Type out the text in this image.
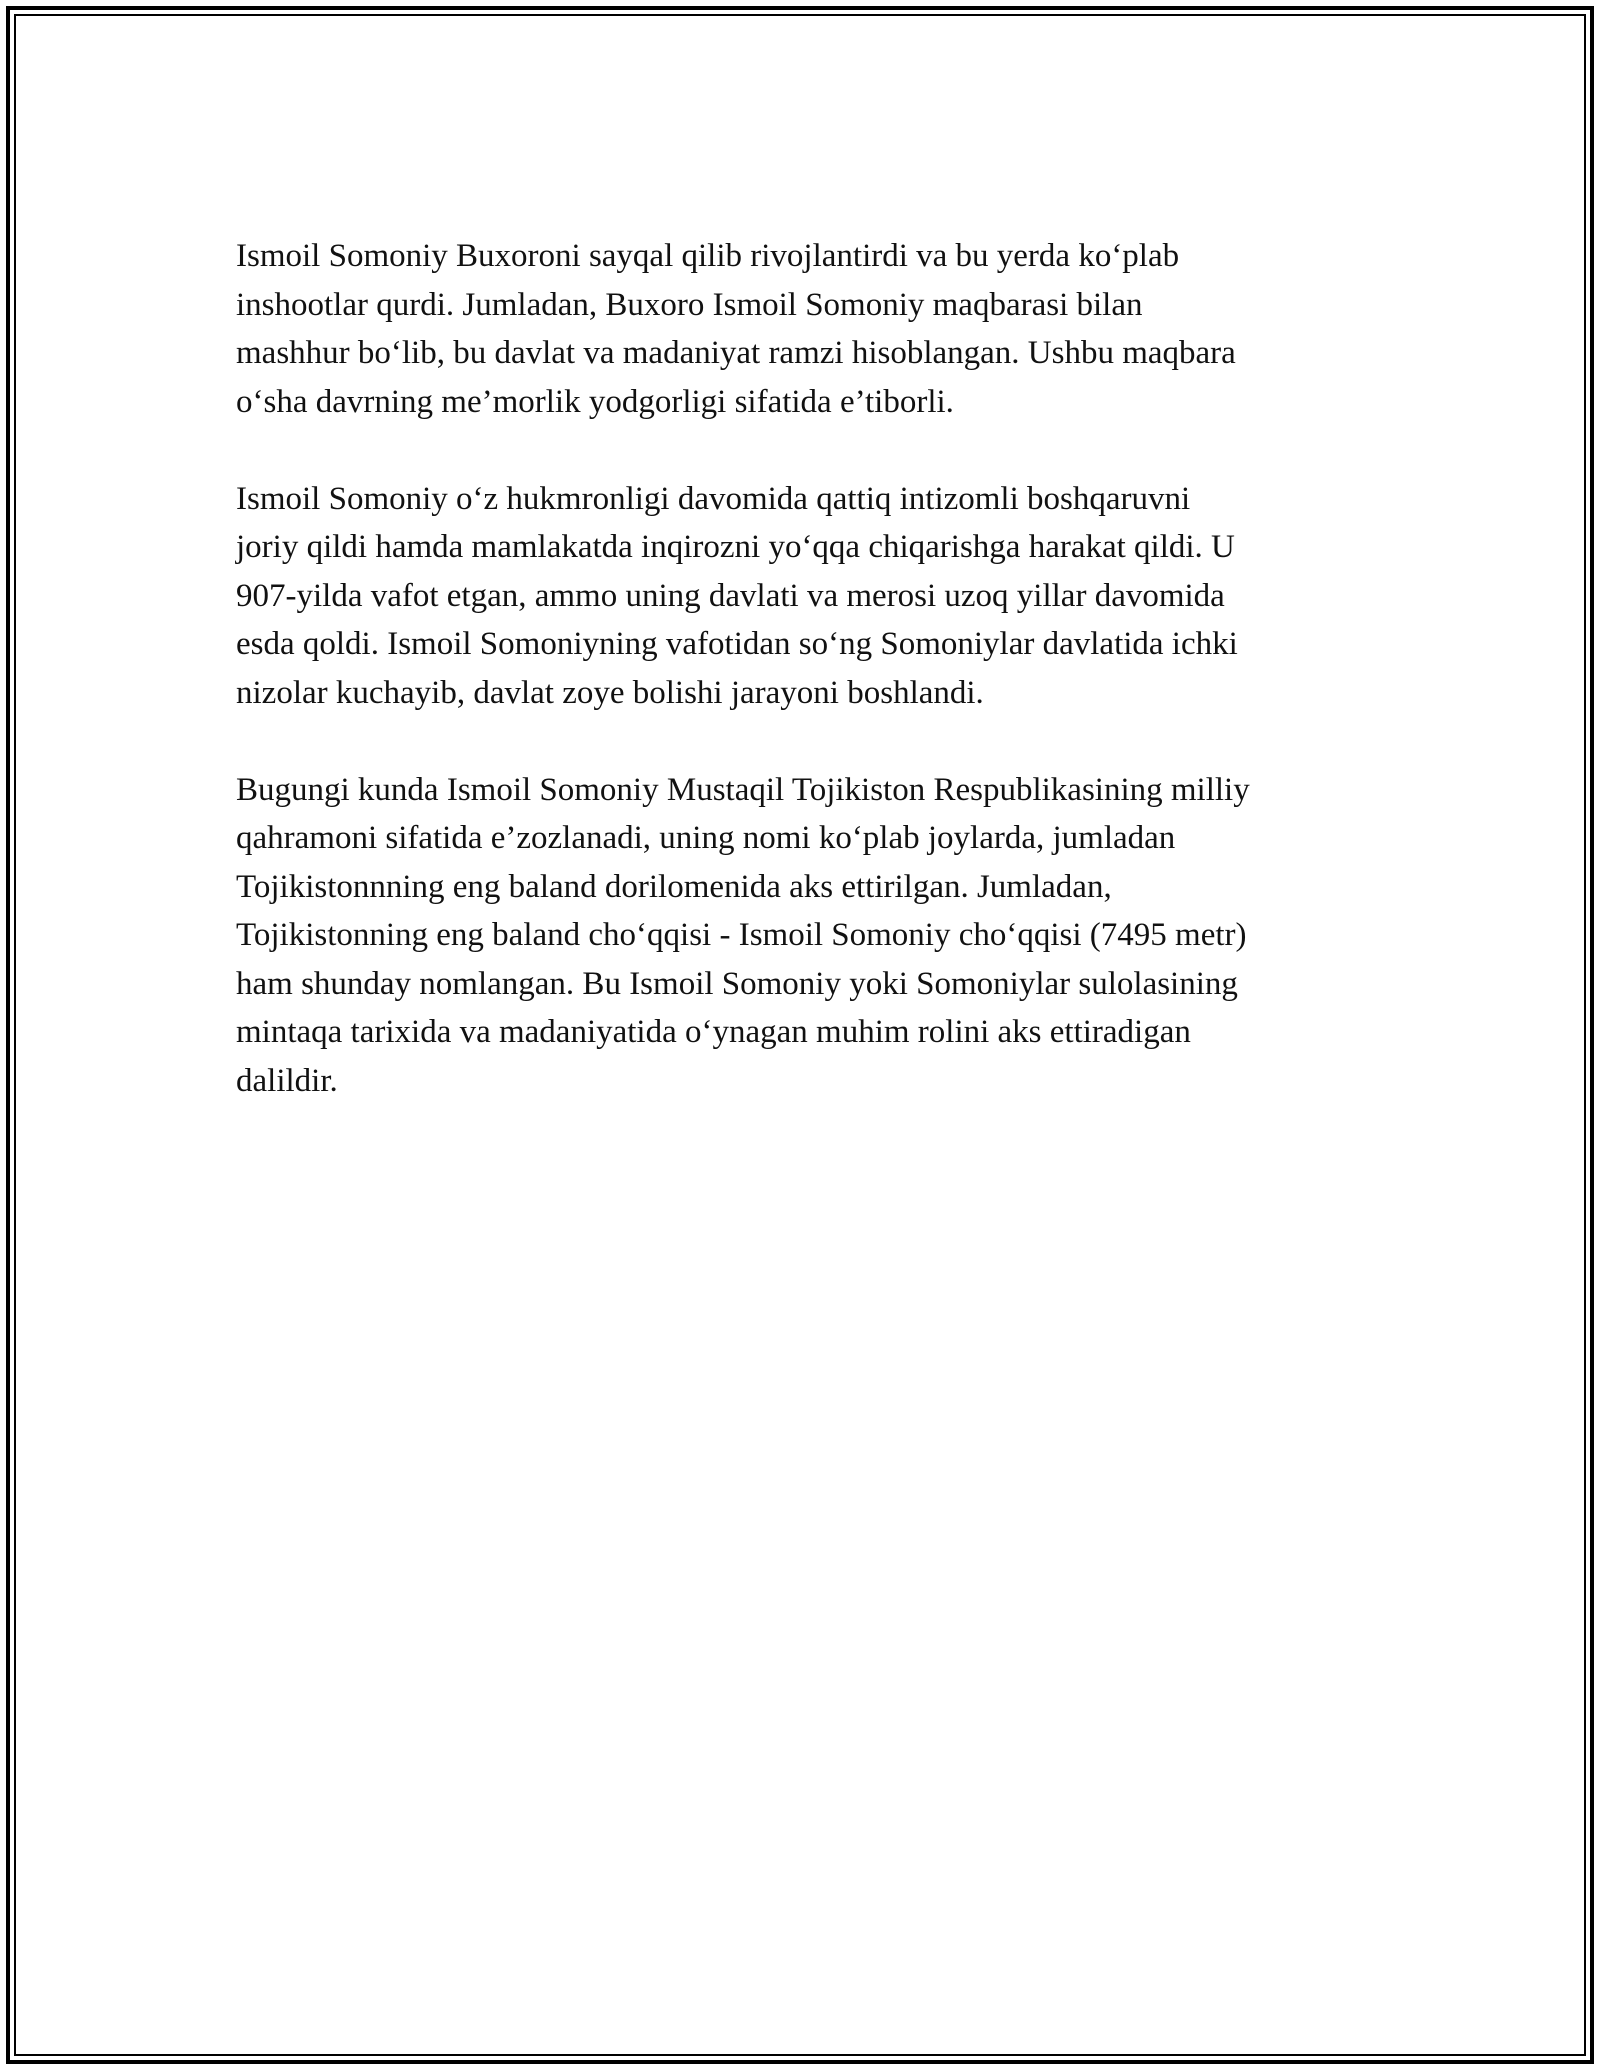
Ismoil Somoniy Buxoroni sayqal qilib rivojlantirdi va bu yerda ko‘plab
inshootlar qurdi. Jumladan, Buxoro Ismoil Somoniy maqbarasi bilan
mashhur bo‘lib, bu davlat va madaniyat ramzi hisoblangan. Ushbu maqbara
o‘sha davrning me’morlik yodgorligi sifatida e’tiborli.

Ismoil Somoniy o‘z hukmronligi davomida qattiq intizomli boshqaruvni
joriy qildi hamda mamlakatda inqirozni yo‘qqa chiqarishga harakat qildi. U
907-yilda vafot etgan, ammo uning davlati va merosi uzoq yillar davomida
esda qoldi. Ismoil Somoniyning vafotidan so‘ng Somoniylar davlatida ichki
nizolar kuchayib, davlat zoye bolishi jarayoni boshlandi.

Bugungi kunda Ismoil Somoniy Mustaqil Tojikiston Respublikasining milliy
qahramoni sifatida e’zozlanadi, uning nomi ko‘plab joylarda, jumladan
Tojikistonnning eng baland dorilomenida aks ettirilgan. Jumladan,
Tojikistonning eng baland cho‘qqisi - Ismoil Somoniy cho‘qqisi (7495 metr)
ham shunday nomlangan. Bu Ismoil Somoniy yoki Somoniylar sulolasining
mintaqa tarixida va madaniyatida o‘ynagan muhim rolini aks ettiradigan
dalildir.
